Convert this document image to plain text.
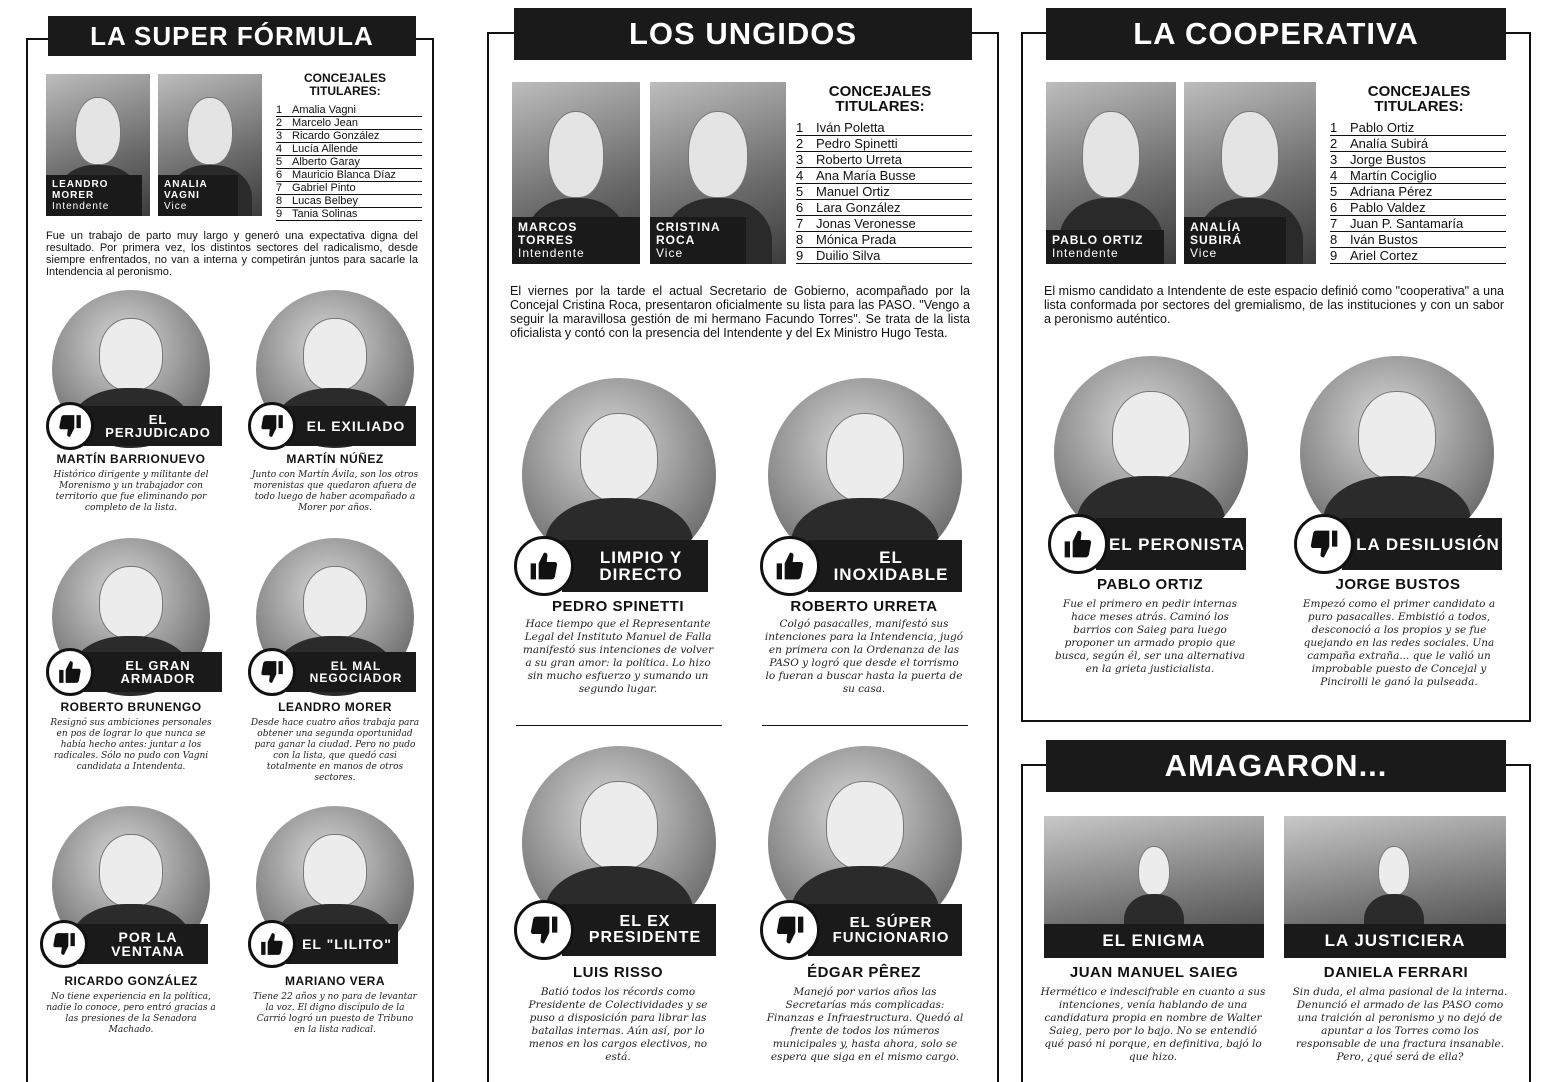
LA SUPER FÓRMULA	LOS UNGIDOS	LA COOPERATIVA
AMAGARON...
LEANDRO MORER
Intendente
ANALIA VAGNI
Vice
CONCEJALES TITULARES:
1 Amalia Vagni
2 Marcelo Jean
3 Ricardo González
4 Lucía Allende
5 Alberto Garay
6 Mauricio Blanca Díaz
7 Gabriel Pinto
8 Lucas Belbey
9 Tania Solinas

Fue un trabajo de parto muy largo y generó una expectativa digna del resultado. Por primera vez, los distintos sectores del radicalismo, desde siempre enfrentados, no van a interna y competirán juntos para sacarle la Intendencia al peronismo.

EL PERJUDICADO
MARTÍN BARRIONUEVO

Histórico dirigente y militante del Morenismo y un trabajador con territorio que fue eliminando por completo de la lista.

EL EXILIADO
MARTÍN NÚÑEZ

Junto con Martín Ávila, son los otros morenistas que quedaron afuera de todo luego de haber acompañado a Morer por años.

EL GRAN ARMADOR
ROBERTO BRUNENGO

Resignó sus ambiciones personales en pos de lograr lo que nunca se había hecho antes: juntar a los radicales. Sólo no pudo con Vagni candidata a Intendenta.

EL MAL NEGOCIADOR
LEANDRO MORER

Desde hace cuatro años trabaja para obtener una segunda oportunidad para ganar la ciudad. Pero no pudo con la lista, que quedó casi totalmente en manos de otros sectores.

POR LA VENTANA
RICARDO GONZÁLEZ

No tiene experiencia en la política, nadie lo conoce, pero entró gracias a las presiones de la Senadora Machado.

EL "LILITO"
MARIANO VERA

Tiene 22 años y no para de levantar la voz. El digno discípulo de la Carrió logró un puesto de Tribuno en la lista radical.

MARCOS TORRES
Intendente
CRISTINA ROCA
Vice
CONCEJALES TITULARES:
1 Iván Poletta
2 Pedro Spinetti
3 Roberto Urreta
4 Ana María Busse
5 Manuel Ortiz
6 Lara González
7 Jonas Veronesse
8 Mónica Prada
9 Duilio Silva

El viernes por la tarde el actual Secretario de Gobierno, acompañado por la Concejal Cristina Roca, presentaron oficialmente su lista para las PASO. "Vengo a seguir la maravillosa gestión de mi hermano Facundo Torres". Se trata de la lista oficialista y contó con la presencia del Intendente y del Ex Ministro Hugo Testa.

LIMPIO Y DIRECTO
PEDRO SPINETTI

Hace tiempo que el Representante Legal del Instituto Manuel de Falla manifestó sus intenciones de volver a su gran amor: la política. Lo hizo sin mucho esfuerzo y sumando un segundo lugar.

EL INOXIDABLE
ROBERTO URRETA

Colgó pasacalles, manifestó sus intenciones para la Intendencia, jugó en primera con la Ordenanza de las PASO y logró que desde el torrismo lo fueran a buscar hasta la puerta de su casa.

EL EX PRESIDENTE
LUIS RISSO

Batió todos los récords como Presidente de Colectividades y se puso a disposición para librar las batallas internas. Aún así, por lo menos en los cargos electivos, no está.

EL SÚPER FUNCIONARIO
ÉDGAR PÊREZ

Manejó por varios años las Secretarías más complicadas: Finanzas e Infraestructura. Quedó al frente de todos los números municipales y, hasta ahora, solo se espera que siga en el mismo cargo.

PABLO ORTIZ
Intendente
ANALÍA SUBIRÁ
Vice
CONCEJALES TITULARES:
1 Pablo Ortiz
2 Analía Subirá
3 Jorge Bustos
4 Martín Cociglio
5 Adriana Pérez
6 Pablo Valdez
7 Juan P. Santamaría
8 Iván Bustos
9 Ariel Cortez

El mismo candidato a Intendente de este espacio definió como "cooperativa" a una lista conformada por sectores del gremialismo, de las instituciones y con un sabor a peronismo auténtico.

EL PERONISTA
PABLO ORTIZ

Fue el primero en pedir internas hace meses atrás. Caminó los barrios con Saieg para luego proponer un armado propio que busca, según él, ser una alternativa en la grieta justicialista.

LA DESILUSIÓN
JORGE BUSTOS

Empezó como el primer candidato a puro pasacalles. Embistió a todos, desconoció a los propios y se fue quejando en las redes sociales. Una campaña extraña... que le valió un improbable puesto de Concejal y Pincirolli le ganó la pulseada.

EL ENIGMA
JUAN MANUEL SAIEG

Hermético e indescifrable en cuanto a sus intenciones, venía hablando de una candidatura propia en nombre de Walter Saieg, pero por lo bajo. No se entendió qué pasó ni porque, en definitiva, bajó lo que hizo.

LA JUSTICIERA
DANIELA FERRARI

Sin duda, el alma pasional de la interna. Denunció el armado de las PASO como una traición al peronismo y no dejó de apuntar a los Torres como los responsable de una fractura insanable. Pero, ¿qué será de ella?
